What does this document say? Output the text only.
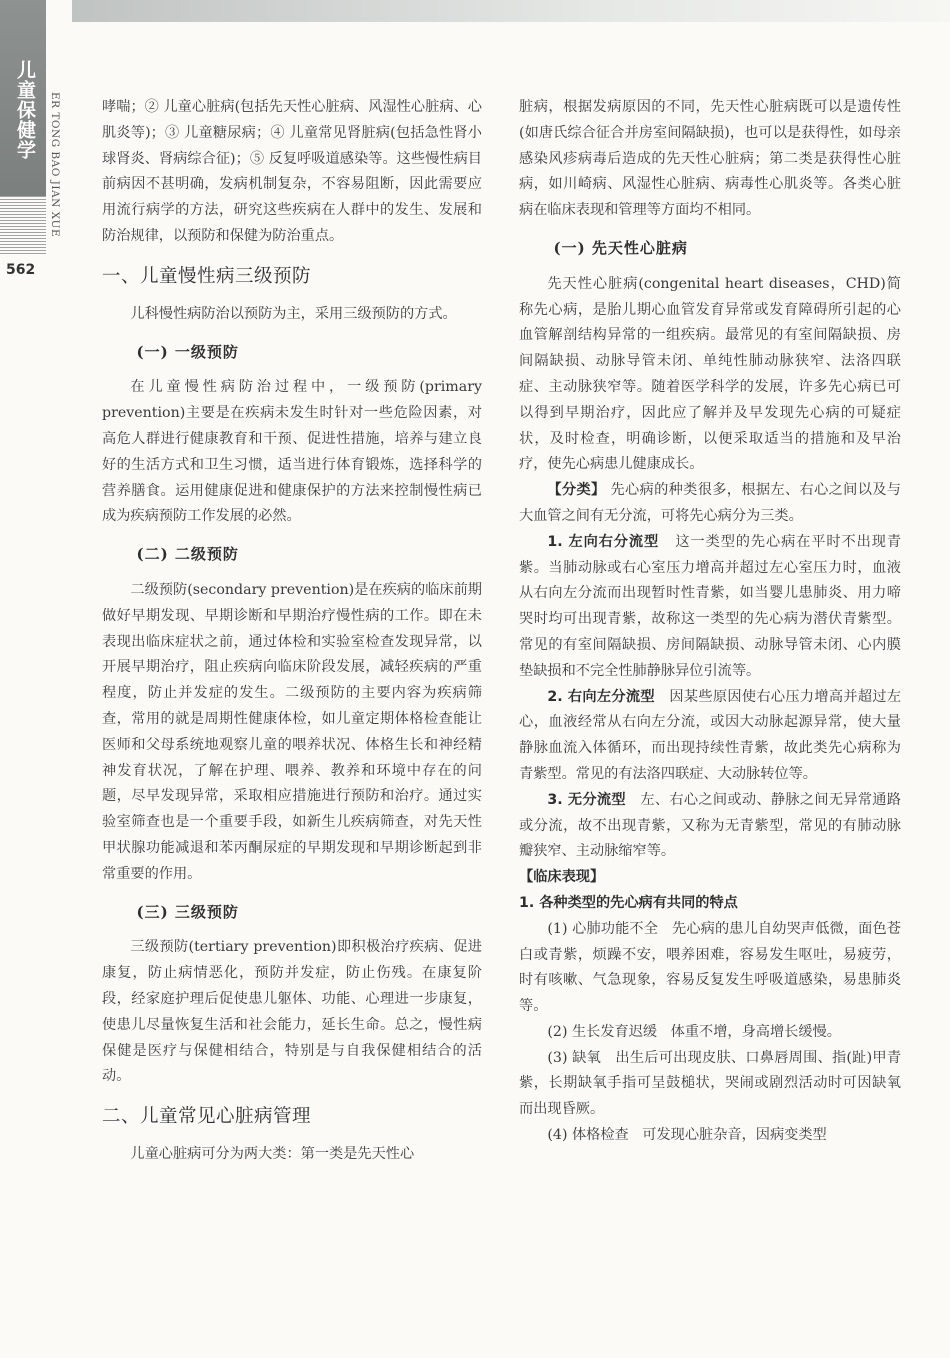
儿童保健学 ER TONG BAO JIAN XUE
562

哮喘；② 儿童心脏病(包括先天性心脏病、风湿性心脏病、心肌炎等)；③ 儿童糖尿病；④ 儿童常见肾脏病(包括急性肾小球肾炎、肾病综合征)；⑤ 反复呼吸道感染等。这些慢性病目前病因不甚明确，发病机制复杂，不容易阻断，因此需要应用流行病学的方法，研究这些疾病在人群中的发生、发展和防治规律，以预防和保健为防治重点。

一、儿童慢性病三级预防

儿科慢性病防治以预防为主，采用三级预防的方式。

(一) 一级预防

在儿童慢性病防治过程中，一级预防(primary prevention)主要是在疾病未发生时针对一些危险因素，对高危人群进行健康教育和干预、促进性措施，培养与建立良好的生活方式和卫生习惯，适当进行体育锻炼，选择科学的营养膳食。运用健康促进和健康保护的方法来控制慢性病已成为疾病预防工作发展的必然。

(二) 二级预防

二级预防(secondary prevention)是在疾病的临床前期做好早期发现、早期诊断和早期治疗慢性病的工作。即在未表现出临床症状之前，通过体检和实验室检查发现异常，以开展早期治疗，阻止疾病向临床阶段发展，减轻疾病的严重程度，防止并发症的发生。二级预防的主要内容为疾病筛查，常用的就是周期性健康体检，如儿童定期体格检查能让医师和父母系统地观察儿童的喂养状况、体格生长和神经精神发育状况，了解在护理、喂养、教养和环境中存在的问题，尽早发现异常，采取相应措施进行预防和治疗。通过实验室筛查也是一个重要手段，如新生儿疾病筛查，对先天性甲状腺功能减退和苯丙酮尿症的早期发现和早期诊断起到非常重要的作用。

(三) 三级预防

三级预防(tertiary prevention)即积极治疗疾病、促进康复，防止病情恶化，预防并发症，防止伤残。在康复阶段，经家庭护理后促使患儿躯体、功能、心理进一步康复，使患儿尽量恢复生活和社会能力，延长生命。总之，慢性病保健是医疗与保健相结合，特别是与自我保健相结合的活动。

二、儿童常见心脏病管理

儿童心脏病可分为两大类：第一类是先天性心

脏病，根据发病原因的不同，先天性心脏病既可以是遗传性(如唐氏综合征合并房室间隔缺损)，也可以是获得性，如母亲感染风疹病毒后造成的先天性心脏病；第二类是获得性心脏病，如川崎病、风湿性心脏病、病毒性心肌炎等。各类心脏病在临床表现和管理等方面均不相同。

(一) 先天性心脏病

先天性心脏病(congenital heart diseases，CHD)简称先心病，是胎儿期心血管发育异常或发育障碍所引起的心血管解剖结构异常的一组疾病。最常见的有室间隔缺损、房间隔缺损、动脉导管未闭、单纯性肺动脉狭窄、法洛四联症、主动脉狭窄等。随着医学科学的发展，许多先心病已可以得到早期治疗，因此应了解并及早发现先心病的可疑症状，及时检查，明确诊断，以便采取适当的措施和及早治疗，使先心病患儿健康成长。

【分类】 先心病的种类很多，根据左、右心之间以及与大血管之间有无分流，可将先心病分为三类。

1. 左向右分流型 这一类型的先心病在平时不出现青紫。当肺动脉或右心室压力增高并超过左心室压力时，血液从右向左分流而出现暂时性青紫，如当婴儿患肺炎、用力啼哭时均可出现青紫，故称这一类型的先心病为潜伏青紫型。常见的有室间隔缺损、房间隔缺损、动脉导管未闭、心内膜垫缺损和不完全性肺静脉异位引流等。

2. 右向左分流型 因某些原因使右心压力增高并超过左心，血液经常从右向左分流，或因大动脉起源异常，使大量静脉血流入体循环，而出现持续性青紫，故此类先心病称为青紫型。常见的有法洛四联症、大动脉转位等。

3. 无分流型 左、右心之间或动、静脉之间无异常通路或分流，故不出现青紫，又称为无青紫型，常见的有肺动脉瓣狭窄、主动脉缩窄等。

【临床表现】

1. 各种类型的先心病有共同的特点

(1) 心肺功能不全 先心病的患儿自幼哭声低微，面色苍白或青紫，烦躁不安，喂养困难，容易发生呕吐，易疲劳，时有咳嗽、气急现象，容易反复发生呼吸道感染，易患肺炎等。

(2) 生长发育迟缓 体重不增，身高增长缓慢。

(3) 缺氧 出生后可出现皮肤、口鼻唇周围、指(趾)甲青紫，长期缺氧手指可呈鼓槌状，哭闹或剧烈活动时可因缺氧而出现昏厥。

(4) 体格检查 可发现心脏杂音，因病变类型
